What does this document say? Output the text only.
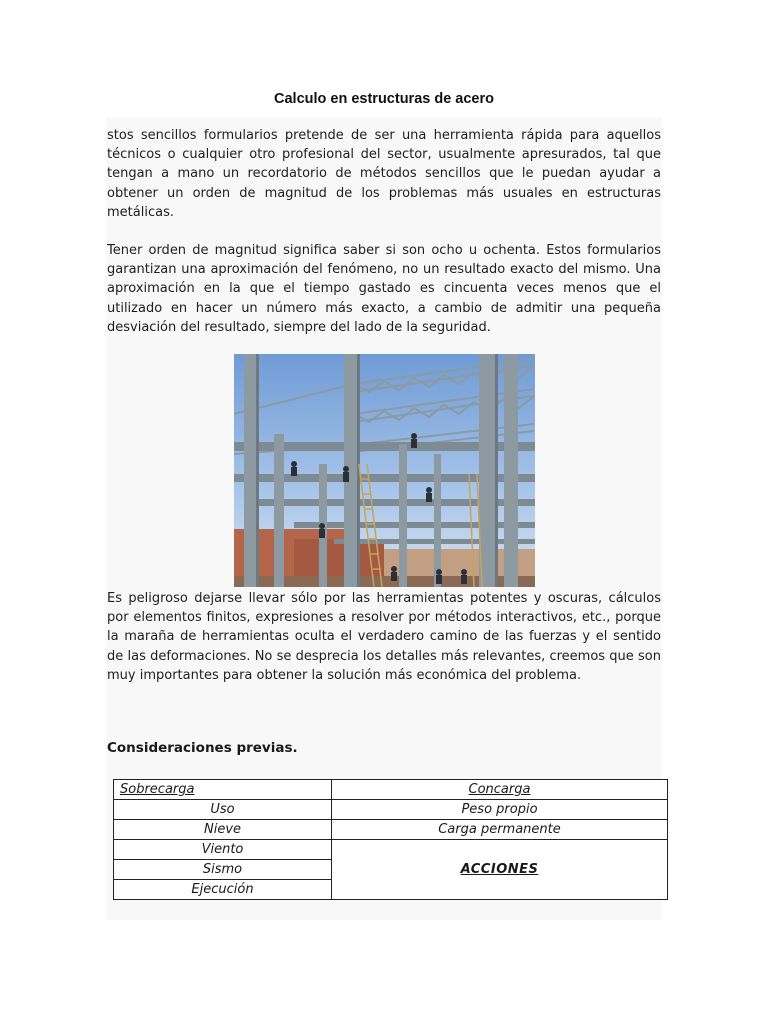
Calculo en estructuras de acero

stos sencillos formularios pretende de ser una herramienta rápida para aquellos técnicos o cualquier otro profesional del sector, usualmente apresurados, tal que tengan a mano un recordatorio de métodos sencillos que le puedan ayudar a obtener un orden de magnitud de los problemas más usuales en estructuras metálicas.

Tener orden de magnitud significa saber si son ocho u ochenta. Estos formularios garantizan una aproximación del fenómeno, no un resultado exacto del mismo. Una aproximación en la que el tiempo gastado es cincuenta veces menos que el utilizado en hacer un número más exacto, a cambio de admitir una pequeña desviación del resultado, siempre del lado de la seguridad.

Es peligroso dejarse llevar sólo por las herramientas potentes y oscuras, cálculos por elementos finitos, expresiones a resolver por métodos interactivos, etc., porque la maraña de herramientas oculta el verdadero camino de las fuerzas y el sentido de las deformaciones. No se desprecia los detalles más relevantes, creemos que son muy importantes para obtener la solución más económica del problema.

Consideraciones previas.
Sobrecarga	Concarga
Uso	Peso propio
Nieve	Carga permanente
Viento	ACCIONES
Sismo	
Ejecución	
